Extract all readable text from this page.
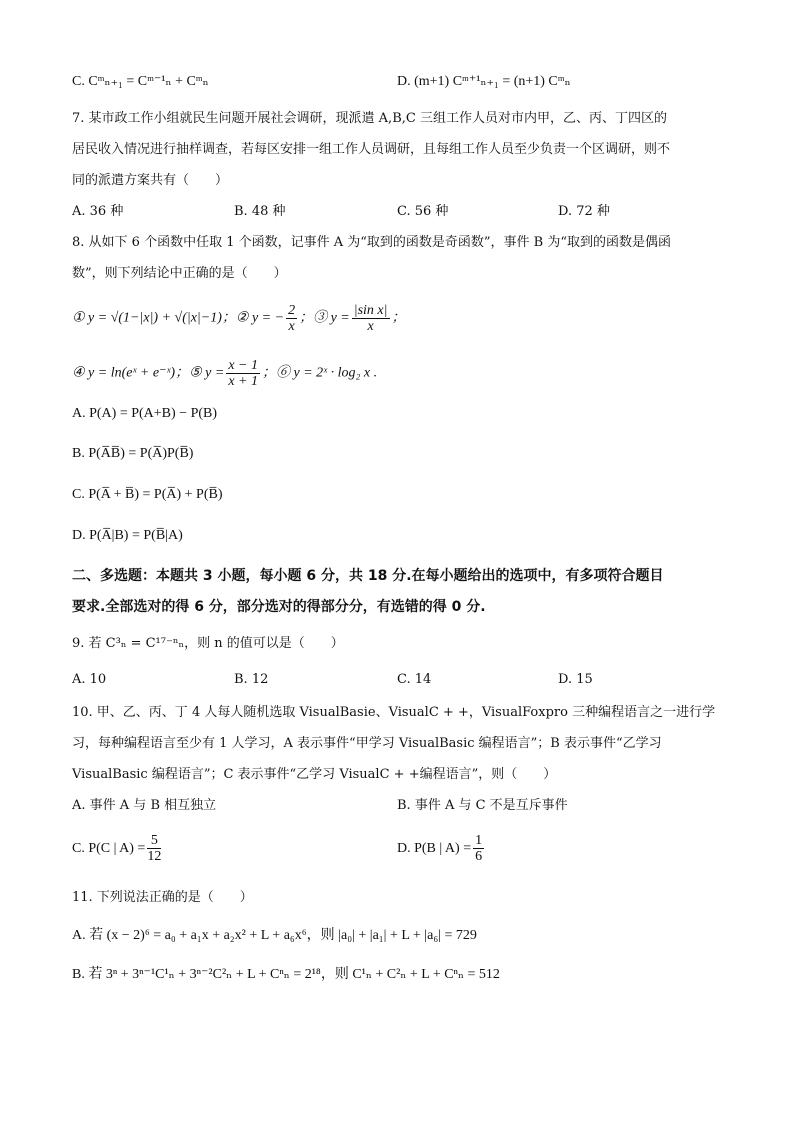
C. Cᵐₙ₊₁ = Cᵐ⁻¹ₙ + Cᵐₙ	D. (m+1) Cᵐ⁺¹ₙ₊₁ = (n+1) Cᵐₙ
7. 某市政工作小组就民生问题开展社会调研，现派遣 A,B,C 三组工作人员对市内甲，乙、丙、丁四区的
居民收入情况进行抽样调查，若每区安排一组工作人员调研，且每组工作人员至少负责一个区调研，则不
同的派遣方案共有（　　）
A. 36 种	B. 48 种	C. 56 种	D. 72 种
8. 从如下 6 个函数中任取 1 个函数，记事件 A 为“取到的函数是奇函数”，事件 B 为“取到的函数是偶函
数”，则下列结论中正确的是（　　）
① y = √(1−|x|) + √(|x|−1)；② y = − $\frac{2}{x}$ ；③ $y = \frac{\text{|sin x|}}{x}$ ；
④ y = ln(eˣ + e⁻ˣ)；⑤ $y = \frac{x - 1}{x + 1}$ ；⑥ y = 2ˣ · log₂ x .
A. P(A) = P(A+B) − P(B)
B. P(A̅B̅) = P(A̅)P(B̅)
C. P(A̅ + B̅) = P(A̅) + P(B̅)
D. P(A̅|B) = P(B̅|A)
二、多选题：本题共 3 小题，每小题 6 分，共 18 分.在每小题给出的选项中，有多项符合题目
要求.全部选对的得 6 分，部分选对的得部分分，有选错的得 0 分.
9. 若 C³ₙ = C¹⁷⁻ⁿₙ，则 n 的值可以是（　　）
A. 10	B. 12	C. 14	D. 15
10. 甲、乙、丙、丁 4 人每人随机选取 VisualBasie、VisualC + +，VisualFoxpro 三种编程语言之一进行学
习，每种编程语言至少有 1 人学习，A 表示事件“甲学习 VisualBasic 编程语言”；B 表示事件“乙学习
VisualBasic 编程语言”；C 表示事件“乙学习 VisualC + +编程语言”，则（　　）
A. 事件 A 与 B 相互独立	B. 事件 A 与 C 不是互斥事件
C. P(C | $A) = \frac{5}{12}$	D. P(B | $A) = \frac{1}{6}$
11. 下列说法正确的是（　　）
A. 若 (x − 2)⁶ = a₀ + a₁x + a₂x² + L + a₆x⁶，则 |a₀| + |a₁| + L + |a₆| = 729
B. 若 3ⁿ + 3ⁿ⁻¹C¹ₙ + 3ⁿ⁻²C²ₙ + L + Cⁿₙ = 2¹⁸，则 C¹ₙ + C²ₙ + L + Cⁿₙ = 512
